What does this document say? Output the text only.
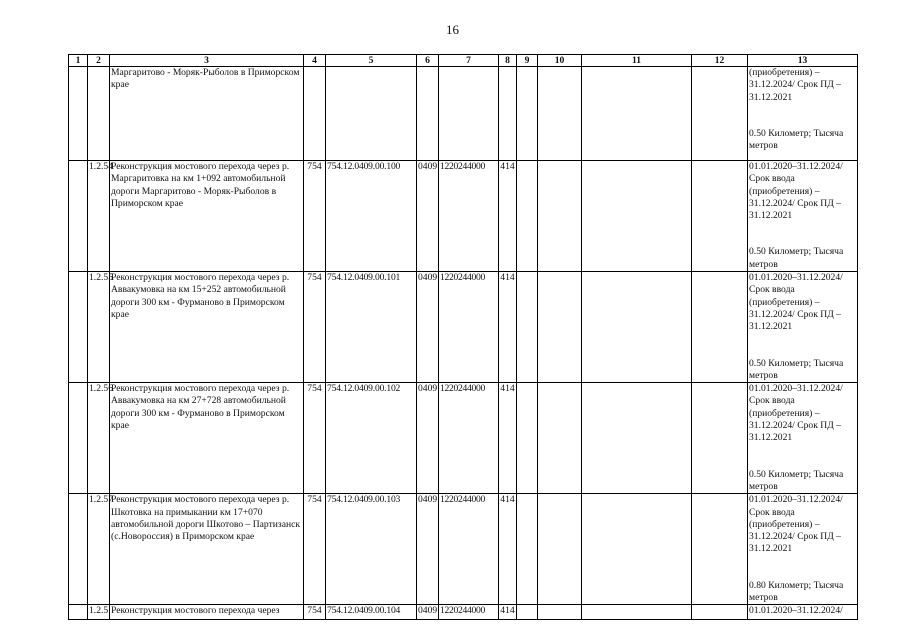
16
1	2	3	4	5	6	7	8	9	10	11	12	13
		Маргаритово - Моряк-Рыболов в Приморском крае										(приобретения) – 31.12.2024/ Срок ПД – 31.12.2021
0.50 Километр; Тысяча метров
	1.2.54	Реконструкция мостового перехода через р. Маргаритовка на км 1+092 автомобильной дороги Маргаритово - Моряк-Рыболов в Приморском крае	754	754.12.0409.00.100	0409	1220244000	414					01.01.2020–31.12.2024/ Срок ввода (приобретения) – 31.12.2024/ Срок ПД – 31.12.2021
0.50 Километр; Тысяча метров
	1.2.55	Реконструкция мостового перехода через р. Аввакумовка на км 15+252 автомобильной дороги 300 км - Фурманово в Приморском крае	754	754.12.0409.00.101	0409	1220244000	414					01.01.2020–31.12.2024/ Срок ввода (приобретения) – 31.12.2024/ Срок ПД – 31.12.2021
0.50 Километр; Тысяча метров
	1.2.56	Реконструкция мостового перехода через р. Аввакумовка на км 27+728 автомобильной дороги 300 км - Фурманово в Приморском крае	754	754.12.0409.00.102	0409	1220244000	414					01.01.2020–31.12.2024/ Срок ввода (приобретения) – 31.12.2024/ Срок ПД – 31.12.2021
0.50 Километр; Тысяча метров
	1.2.57	Реконструкция мостового перехода через р. Шкотовка на примыкании км 17+070 автомобильной дороги Шкотово – Партизанск (с.Новороссия) в Приморском крае	754	754.12.0409.00.103	0409	1220244000	414					01.01.2020–31.12.2024/ Срок ввода (приобретения) – 31.12.2024/ Срок ПД – 31.12.2021
0.80 Километр; Тысяча метров
	1.2.5	Реконструкция мостового перехода через	754	754.12.0409.00.104	0409	1220244000	414					01.01.2020–31.12.2024/
